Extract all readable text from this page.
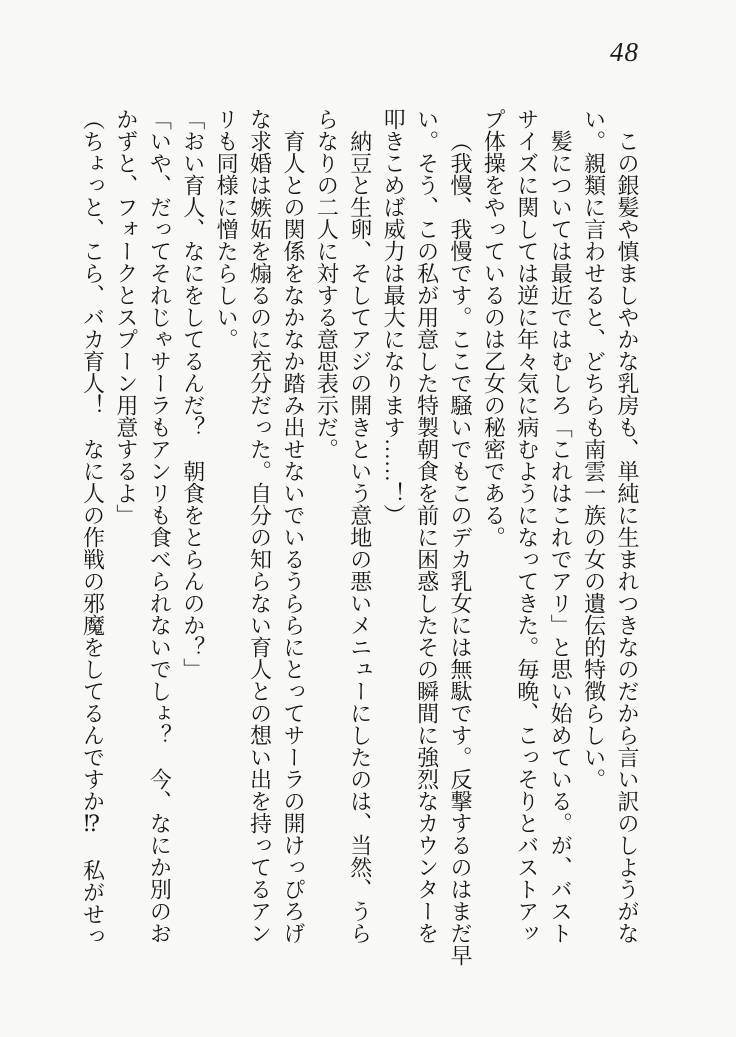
48
この銀髪や慎ましやかな乳房も、単純に生まれつきなのだから言い訳のしようがな
い。親類に言わせると、どちらも南雲一族の女の遺伝的特徴らしい。
髪については最近ではむしろ「これはこれでアリ」と思い始めている。が、バスト
サイズに関しては逆に年々気に病むようになってきた。毎晩、こっそりとバストアッ
プ体操をやっているのは乙女の秘密である。
（我慢、我慢です。ここで騒いでもこのデカ乳女には無駄です。反撃するのはまだ早
い。そう、この私が用意した特製朝食を前に困惑したその瞬間に強烈なカウンターを
叩きこめば威力は最大になります……！）
納豆と生卵、そしてアジの開きという意地の悪いメニューにしたのは、当然、うら
らなりの二人に対する意思表示だ。
育人との関係をなかなか踏み出せないでいるうららにとってサーラの開けっぴろげ
な求婚は嫉妬を煽るのに充分だった。自分の知らない育人との想い出を持ってるアン
リも同様に憎たらしい。
「おい育人、なにをしてるんだ？　朝食をとらんのか？」
「いや、だってそれじゃサーラもアンリも食べられないでしょ？　今、なにか別のお
かずと、フォークとスプーン用意するよ」
（ちょっと、こら、バカ育人！　なに人の作戦の邪魔をしてるんですか⁉　私がせっ
